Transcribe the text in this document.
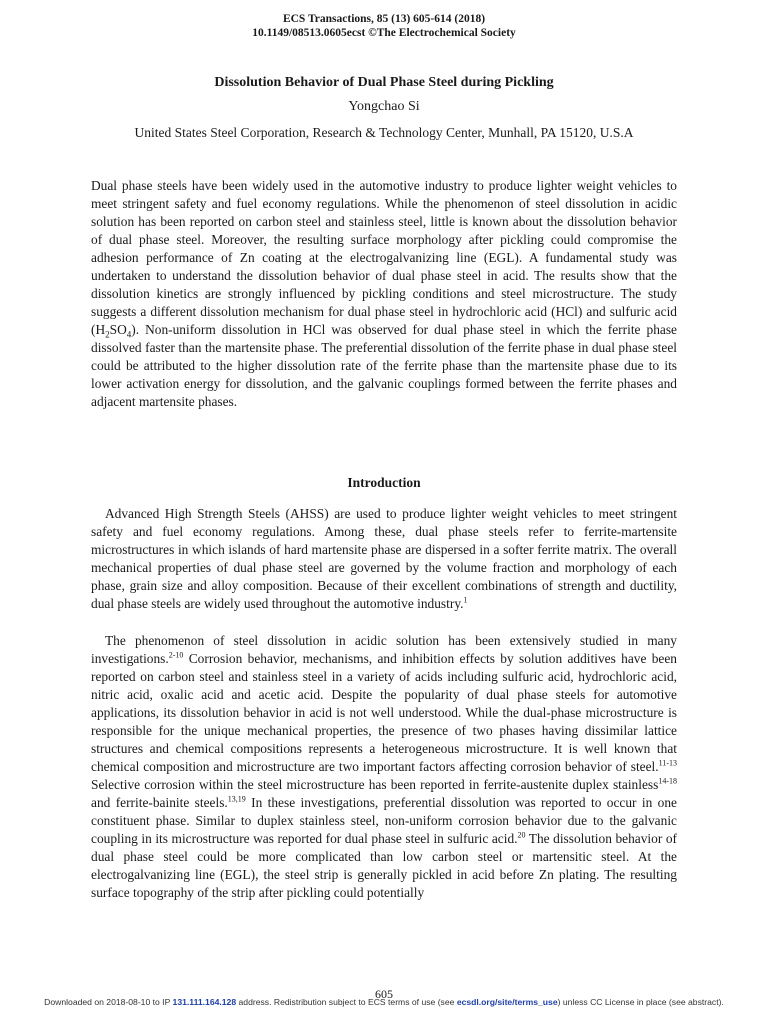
ECS Transactions, 85 (13) 605-614 (2018)
10.1149/08513.0605ecst ©The Electrochemical Society
Dissolution Behavior of Dual Phase Steel during Pickling
Yongchao Si
United States Steel Corporation, Research & Technology Center, Munhall, PA 15120, U.S.A

Dual phase steels have been widely used in the automotive industry to produce lighter weight vehicles to meet stringent safety and fuel economy regulations. While the phenomenon of steel dissolution in acidic solution has been reported on carbon steel and stainless steel, little is known about the dissolution behavior of dual phase steel. Moreover, the resulting surface morphology after pickling could compromise the adhesion performance of Zn coating at the electrogalvanizing line (EGL). A fundamental study was undertaken to understand the dissolution behavior of dual phase steel in acid. The results show that the dissolution kinetics are strongly influenced by pickling conditions and steel microstructure. The study suggests a different dissolution mechanism for dual phase steel in hydrochloric acid (HCl) and sulfuric acid $(H_2SO_4)$. Non-uniform dissolution in HCl was observed for dual phase steel in which the ferrite phase dissolved faster than the martensite phase. The preferential dissolution of the ferrite phase in dual phase steel could be attributed to the higher dissolution rate of the ferrite phase than the martensite phase due to its lower activation energy for dissolution, and the galvanic couplings formed between the ferrite phases and adjacent martensite phases.

Introduction

Advanced High Strength Steels (AHSS) are used to produce lighter weight vehicles to meet stringent safety and fuel economy regulations. Among these, dual phase steels refer to ferrite-martensite microstructures in which islands of hard martensite phase are dispersed in a softer ferrite matrix. The overall mechanical properties of dual phase steel are governed by the volume fraction and morphology of each phase, grain size and alloy composition. Because of their excellent combinations of strength and ductility, dual phase steels are widely used throughout the automotive industry.$^1$

The phenomenon of steel dissolution in acidic solution has been extensively studied in many investigations.$^{2-10}$ Corrosion behavior, mechanisms, and inhibition effects by solution additives have been reported on carbon steel and stainless steel in a variety of acids including sulfuric acid, hydrochloric acid, nitric acid, oxalic acid and acetic acid. Despite the popularity of dual phase steels for automotive applications, its dissolution behavior in acid is not well understood. While the dual-phase microstructure is responsible for the unique mechanical properties, the presence of two phases having dissimilar lattice structures and chemical compositions represents a heterogeneous microstructure. It is well known that chemical composition and microstructure are two important factors affecting corrosion behavior of steel.$^{11-13}$ Selective corrosion within the steel microstructure has been reported in ferrite-austenite duplex stainless$^{14-18}$ and ferrite-bainite steels.$^{13,19}$ In these investigations, preferential dissolution was reported to occur in one constituent phase. Similar to duplex stainless steel, non-uniform corrosion behavior due to the galvanic coupling in its microstructure was reported for dual phase steel in sulfuric acid.$^{20}$ The dissolution behavior of dual phase steel could be more complicated than low carbon steel or martensitic steel. At the electrogalvanizing line (EGL), the steel strip is generally pickled in acid before Zn plating. The resulting surface topography of the strip after pickling could potentially

605
Downloaded on 2018-08-10 to IP 131.111.164.128 address. Redistribution subject to ECS terms of use (see ecsdl.org/site/terms_use) unless CC License in place (see abstract).
